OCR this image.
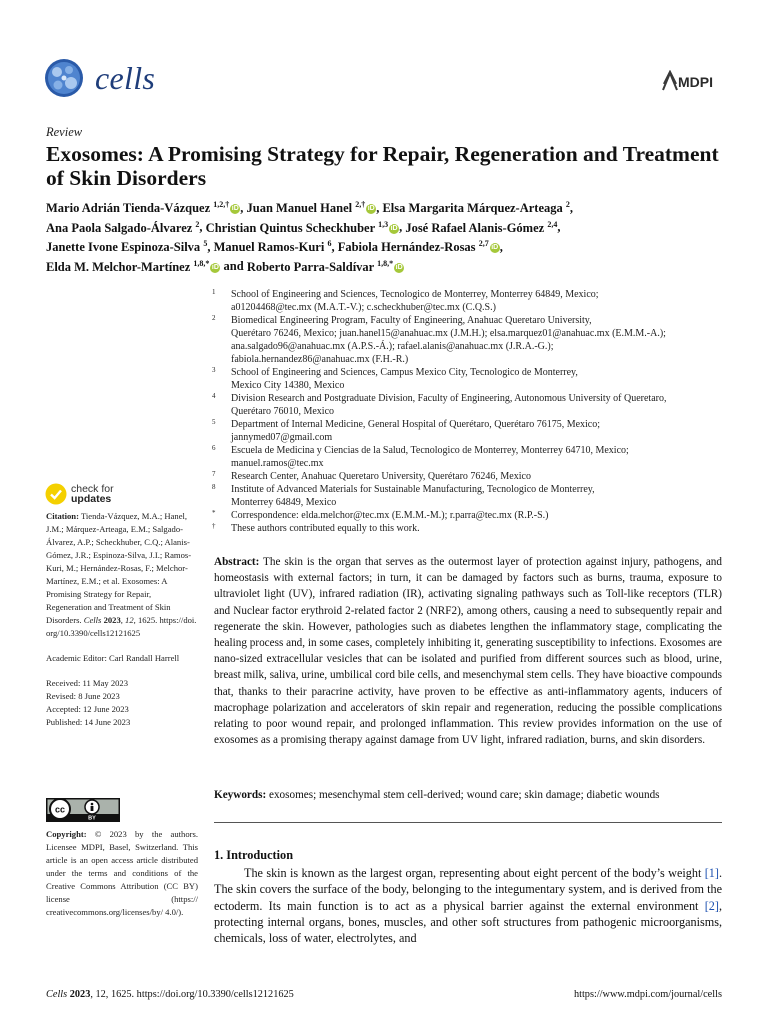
cells	MDPI
Review
Exosomes: A Promising Strategy for Repair, Regeneration and Treatment of Skin Disorders
Mario Adrián Tienda-Vázquez $^{1,2,\dagger}$ iD , Juan Manuel Hanel $^{2,\dagger}$ iD , Elsa Margarita Márquez-Arteaga $^2$,
Ana Paola Salgado-Álvarez $^2$, Christian Quintus Scheckhuber $^{1,3}$ iD , José Rafael Alanis-Gómez $^{2,4}$,
Janette Ivone Espinoza-Silva $^5$, Manuel Ramos-Kuri $^6$, Fabiola Hernández-Rosas $^{2,7}$ iD ,
Elda M. Melchor-Martínez $^{1,8,*}$ iD and Roberto Parra-Saldívar $^{1,8,*}$ iD
1	School of Engineering and Sciences, Tecnologico de Monterrey, Monterrey 64849, Mexico;
a01204468@tec.mx (M.A.T.-V.); c.scheckhuber@tec.mx (C.Q.S.)
2	Biomedical Engineering Program, Faculty of Engineering, Anahuac Queretaro University,
Querétaro 76246, Mexico; juan.hanel15@anahuac.mx (J.M.H.); elsa.marquez01@anahuac.mx (E.M.M.-A.);
ana.salgado96@anahuac.mx (A.P.S.-Á.); rafael.alanis@anahuac.mx (J.R.A.-G.);
fabiola.hernandez86@anahuac.mx (F.H.-R.)
3	School of Engineering and Sciences, Campus Mexico City, Tecnologico de Monterrey,
Mexico City 14380, Mexico
4	Division Research and Postgraduate Division, Faculty of Engineering, Autonomous University of Queretaro,
Querétaro 76010, Mexico
5	Department of Internal Medicine, General Hospital of Querétaro, Querétaro 76175, Mexico;
jannymed07@gmail.com
6	Escuela de Medicina y Ciencias de la Salud, Tecnologico de Monterrey, Monterrey 64710, Mexico;
manuel.ramos@tec.mx
7	Research Center, Anahuac Queretaro University, Querétaro 76246, Mexico
8	Institute of Advanced Materials for Sustainable Manufacturing, Tecnologico de Monterrey,
Monterrey 64849, Mexico
*	Correspondence: elda.melchor@tec.mx (E.M.M.-M.); r.parra@tec.mx (R.P.-S.)
†	These authors contributed equally to this work.
check for
updates

Citation: Tienda-Vázquez, M.A.; Hanel, J.M.; Márquez-Arteaga, E.M.; Salgado-Álvarez, A.P.; Scheckhuber, C.Q.; Alanis-Gómez, J.R.; Espinoza-Silva, J.I.; Ramos-Kuri, M.; Hernández-Rosas, F.; Melchor-Martínez, E.M.; et al. Exosomes: A Promising Strategy for Repair, Regeneration and Treatment of Skin Disorders. Cells 2023, 12, 1625. https://doi.org/10.3390/cells12121625

Academic Editor: Carl Randall Harrell

Received: 11 May 2023

Revised: 8 June 2023

Accepted: 12 June 2023

Published: 14 June 2023

cc
BY
Copyright: © 2023 by the authors. Licensee MDPI, Basel, Switzerland. This article is an open access article distributed under the terms and conditions of the Creative Commons Attribution (CC BY) license (https:// creativecommons.org/licenses/by/ 4.0/).
Abstract: The skin is the organ that serves as the outermost layer of protection against injury, pathogens, and homeostasis with external factors; in turn, it can be damaged by factors such as burns, trauma, exposure to ultraviolet light (UV), infrared radiation (IR), activating signaling pathways such as Toll-like receptors (TLR) and Nuclear factor erythroid 2-related factor 2 (NRF2), among others, causing a need to subsequently repair and regenerate the skin. However, pathologies such as diabetes lengthen the inflammatory stage, complicating the healing process and, in some cases, completely inhibiting it, generating susceptibility to infections. Exosomes are nano-sized extracellular vesicles that can be isolated and purified from different sources such as blood, urine, breast milk, saliva, urine, umbilical cord bile cells, and mesenchymal stem cells. They have bioactive compounds that, thanks to their paracrine activity, have proven to be effective as anti-inflammatory agents, inducers of macrophage polarization and accelerators of skin repair and regeneration, reducing the possible complications relating to poor wound repair, and prolonged inflammation. This review provides information on the use of exosomes as a promising therapy against damage from UV light, infrared radiation, burns, and skin disorders.
Keywords: exosomes; mesenchymal stem cell-derived; wound care; skin damage; diabetic wounds
1. Introduction
The skin is known as the largest organ, representing about eight percent of the body’s weight [1]. The skin covers the surface of the body, belonging to the integumentary system, and is derived from the ectoderm. Its main function is to act as a physical barrier against the external environment [2], protecting internal organs, bones, muscles, and other soft structures from pathogenic microorganisms, chemicals, loss of water, electrolytes, and
Cells 2023, 12, 1625. https://doi.org/10.3390/cells12121625	https://www.mdpi.com/journal/cells
